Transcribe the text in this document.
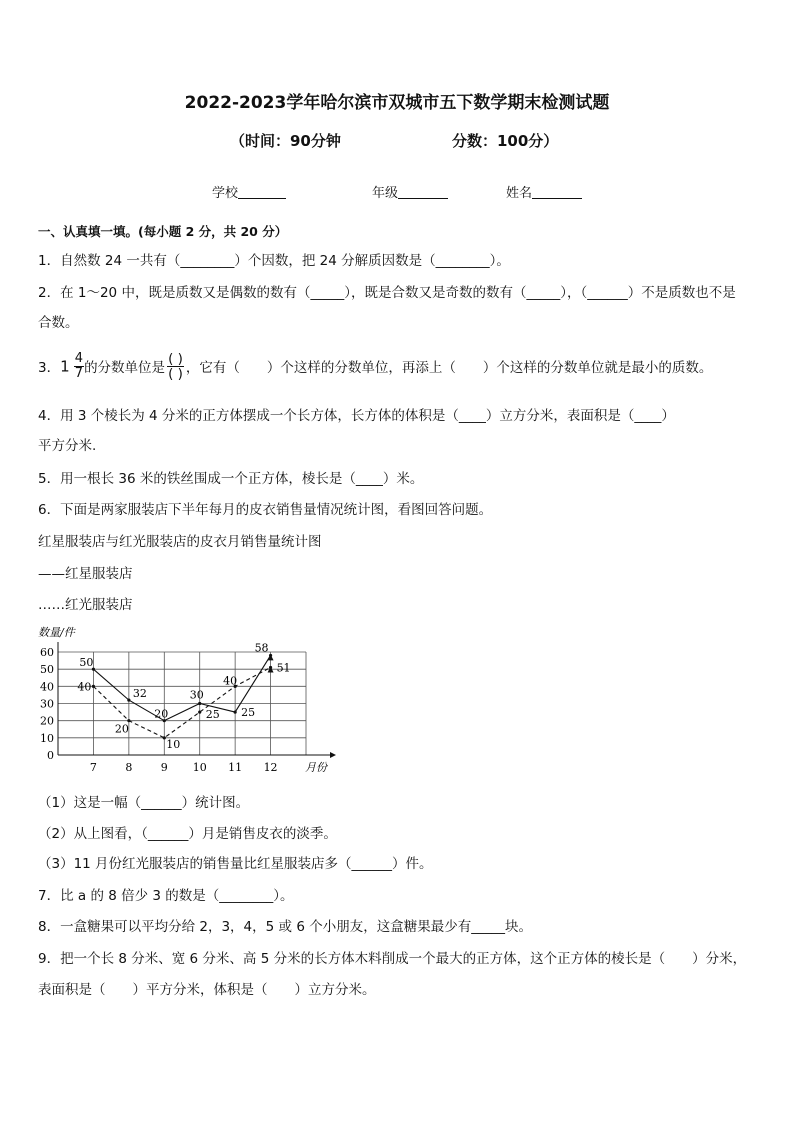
2022-2023学年哈尔滨市双城市五下数学期末检测试题
（时间：90分钟	分数：100分）
学校	年级	姓名
一、认真填一填。(每小题 2 分，共 20 分）
1．自然数 24 一共有（________）个因数，把 24 分解质因数是（________）。
2．在 1～20 中，既是质数又是偶数的数有（_____），既是合数又是奇数的数有（_____），（______）不是质数也不是
合数。
3． $1 \frac{4}{7}$ 的分数单位是 $\frac{( )}{( )}$ ，它有（　　）个这样的分数单位，再添上（　　）个这样的分数单位就是最小的质数。
4．用 3 个棱长为 4 分米的正方体摆成一个长方体，长方体的体积是（____）立方分米，表面积是（____）
平方分米.
5．用一根长 36 米的铁丝围成一个正方体，棱长是（____）米。
6．下面是两家服装店下半年每月的皮衣销售量情况统计图，看图回答问题。
红星服装店与红光服装店的皮衣月销售量统计图
——红星服装店
……红光服装店
数量/件
0
10
20
30
40
50
60
7	8	9 10 11 12
50
32
20
30
25
58
40
20
10
25
40
51
月份
（1）这是一幅（______）统计图。
（2）从上图看，（______）月是销售皮衣的淡季。
（3）11 月份红光服装店的销售量比红星服装店多（______）件。
7．比 a 的 8 倍少 3 的数是（________）。
8．一盒糖果可以平均分给 2，3，4，5 或 6 个小朋友，这盒糖果最少有_____块。
9．把一个长 8 分米、宽 6 分米、高 5 分米的长方体木料削成一个最大的正方体，这个正方体的棱长是（　　）分米，
表面积是（　　）平方分米，体积是（　　）立方分米。
